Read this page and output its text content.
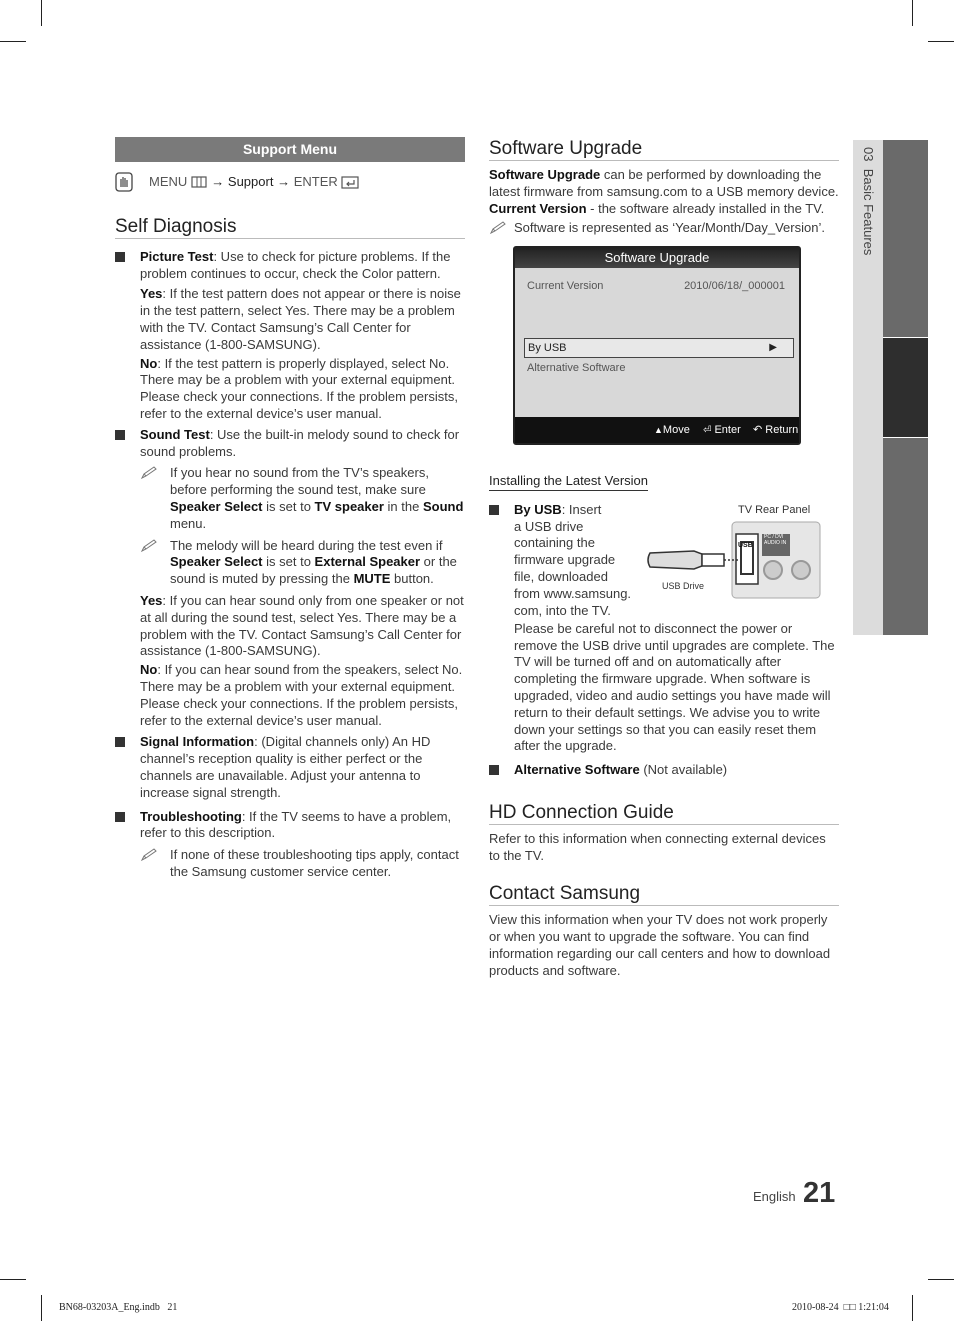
03  Basic Features
Support Menu
MENU →
Support
→
ENTER
Self Diagnosis
Picture Test: Use to check for picture problems. If the problem continues to occur, check the Color pattern.
Yes: If the test pattern does not appear or there is noise in the test pattern, select Yes. There may be a problem with the TV. Contact Samsung’s Call Center for assistance (1-800-SAMSUNG).
No: If the test pattern is properly displayed, select No. There may be a problem with your external equipment. Please check your connections. If the problem persists, refer to the external device’s user manual.
Sound Test: Use the built-in melody sound to check for sound problems.
If you hear no sound from the TV’s speakers, before performing the sound test, make sure Speaker Select is set to TV speaker in the Sound menu.
The melody will be heard during the test even if Speaker Select is set to External Speaker or the sound is muted by pressing the MUTE button.
Yes: If you can hear sound only from one speaker or not at all during the sound test, select Yes. There may be a problem with the TV. Contact Samsung’s Call Center for assistance (1-800-SAMSUNG).
No: If you can hear sound from the speakers, select No. There may be a problem with your external equipment. Please check your connections. If the problem persists, refer to the external device’s user manual.
Signal Information: (Digital channels only) An HD channel’s reception quality is either perfect or the channels are unavailable. Adjust your antenna to increase signal strength.
Troubleshooting: If the TV seems to have a problem, refer to this description.
If none of these troubleshooting tips apply, contact the Samsung customer service center.
Software Upgrade
Software Upgrade can be performed by downloading the latest firmware from samsung.com to a USB memory device.
Current Version - the software already installed in the TV.
Software is represented as ‘Year/Month/Day_Version’.
Software Upgrade
Current Version	2010/06/18/_000001
By USB	▶
Alternative Software
▲Move ⏎ Enter ↶ Return
Installing the Latest Version
By USB: Insert
a USB drive
containing the
firmware upgrade
file, downloaded
from www.samsung.
com, into the TV.
TV Rear Panel
USB
PC / DVI
AUDIO IN
USB Drive
Please be careful not to disconnect the power or remove the USB drive until upgrades are complete. The TV will be turned off and on automatically after completing the firmware upgrade. When software is upgraded, video and audio settings you have made will return to their default settings. We advise you to write down your settings so that you can easily reset them after the upgrade.
Alternative Software (Not available)
HD Connection Guide
Refer to this information when connecting external devices to the TV.
Contact Samsung
View this information when your TV does not work properly or when you want to upgrade the software. You can find information regarding our call centers and how to download products and software.
English 21
BN68-03203A_Eng.indb   21	2010-08-24 □□ 1:21:04
